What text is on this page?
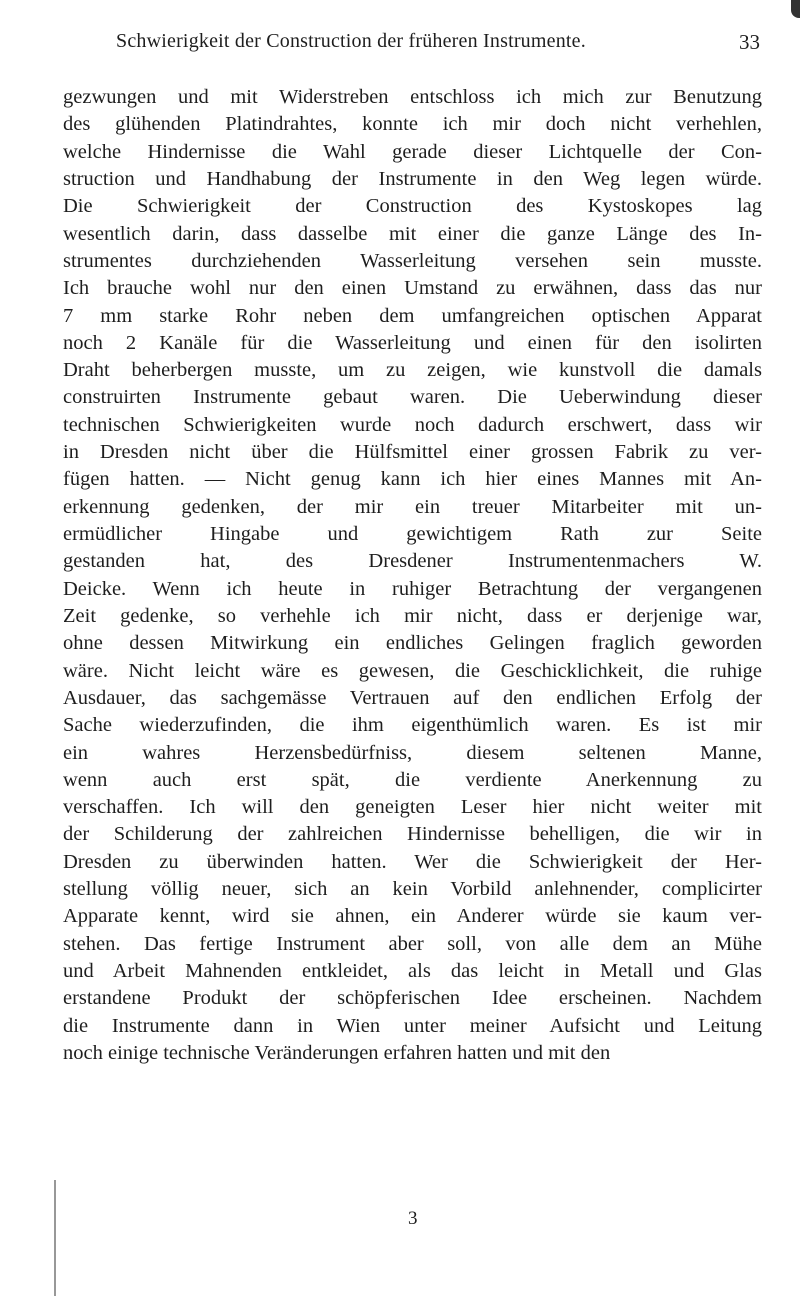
Schwierigkeit der Construction der früheren Instrumente.	33
gezwungen und mit Widerstreben entschloss ich mich zur Benutzung
des glühenden Platindrahtes, konnte ich mir doch nicht verhehlen,
welche Hindernisse die Wahl gerade dieser Lichtquelle der Con-
struction und Handhabung der Instrumente in den Weg legen würde.
Die Schwierigkeit der Construction des Kystoskopes lag
wesentlich darin, dass dasselbe mit einer die ganze Länge des In-
strumentes durchziehenden Wasserleitung versehen sein musste.
Ich brauche wohl nur den einen Umstand zu erwähnen, dass das nur
7 mm starke Rohr neben dem umfangreichen optischen Apparat
noch 2 Kanäle für die Wasserleitung und einen für den isolirten
Draht beherbergen musste, um zu zeigen, wie kunstvoll die damals
construirten Instrumente gebaut waren. Die Ueberwindung dieser
technischen Schwierigkeiten wurde noch dadurch erschwert, dass wir
in Dresden nicht über die Hülfsmittel einer grossen Fabrik zu ver-
fügen hatten. — Nicht genug kann ich hier eines Mannes mit An-
erkennung gedenken, der mir ein treuer Mitarbeiter mit un-
ermüdlicher Hingabe und gewichtigem Rath zur Seite
gestanden hat, des Dresdener Instrumentenmachers W.
Deicke. Wenn ich heute in ruhiger Betrachtung der vergangenen
Zeit gedenke, so verhehle ich mir nicht, dass er derjenige war,
ohne dessen Mitwirkung ein endliches Gelingen fraglich geworden
wäre. Nicht leicht wäre es gewesen, die Geschicklichkeit, die ruhige
Ausdauer, das sachgemässe Vertrauen auf den endlichen Erfolg der
Sache wiederzufinden, die ihm eigenthümlich waren. Es ist mir
ein wahres Herzensbedürfniss, diesem seltenen Manne,
wenn auch erst spät, die verdiente Anerkennung zu
verschaffen. Ich will den geneigten Leser hier nicht weiter mit
der Schilderung der zahlreichen Hindernisse behelligen, die wir in
Dresden zu überwinden hatten. Wer die Schwierigkeit der Her-
stellung völlig neuer, sich an kein Vorbild anlehnender, complicirter
Apparate kennt, wird sie ahnen, ein Anderer würde sie kaum ver-
stehen. Das fertige Instrument aber soll, von alle dem an Mühe
und Arbeit Mahnenden entkleidet, als das leicht in Metall und Glas
erstandene Produkt der schöpferischen Idee erscheinen. Nachdem
die Instrumente dann in Wien unter meiner Aufsicht und Leitung
noch einige technische Veränderungen erfahren hatten und mit den
3
